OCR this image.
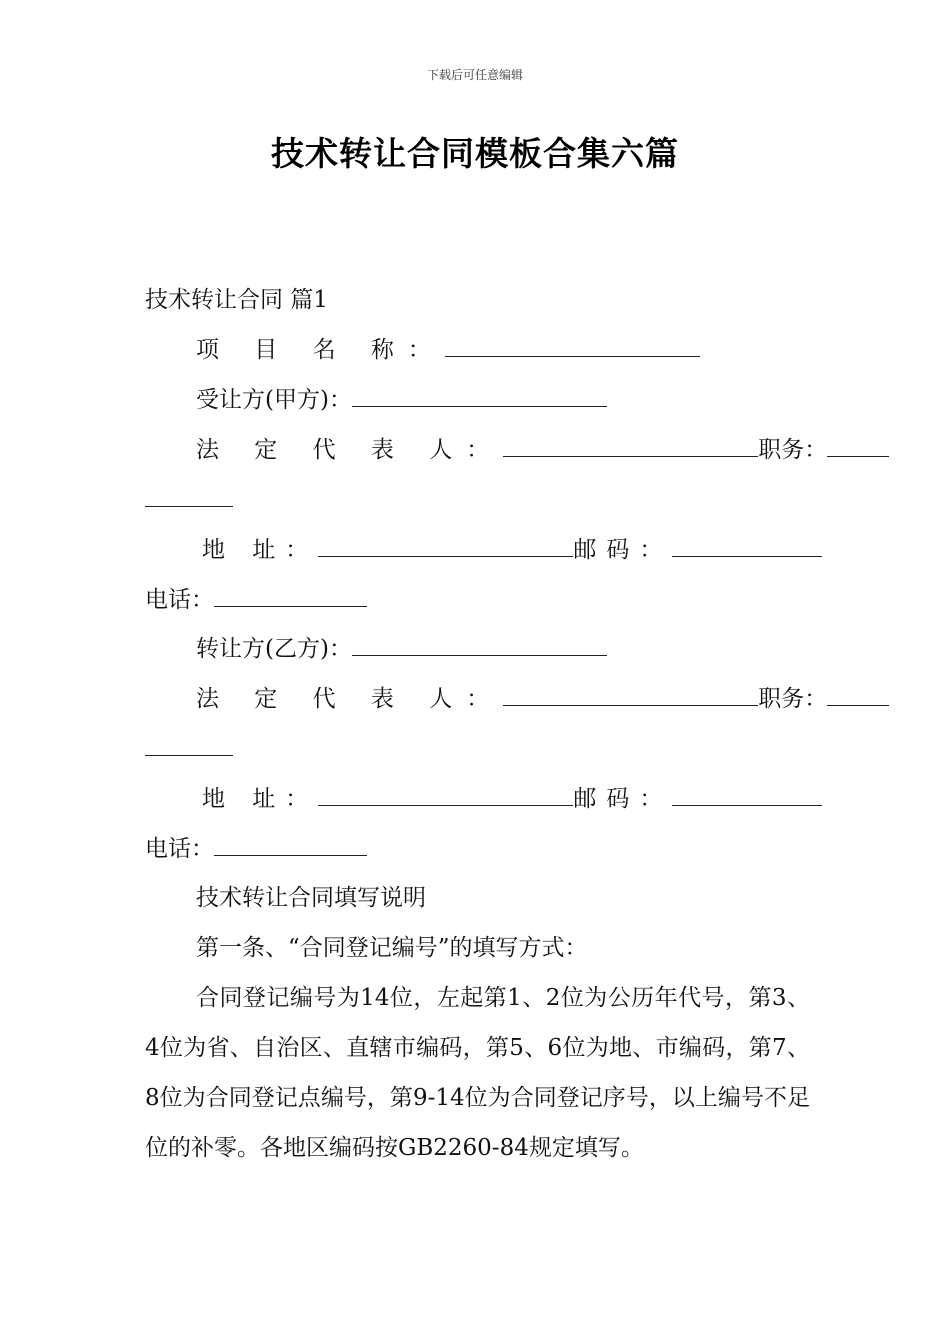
下载后可任意编辑
技术转让合同模板合集六篇
技术转让合同 篇1
项 目 名 称：
受让方(甲方)：
法 定 代 表 人：	职务：
地 址：	邮码：
电话：
转让方(乙方)：
法 定 代 表 人：	职务：
地 址：	邮码：
电话：
技术转让合同填写说明
第一条、“合同登记编号”的填写方式：
合同登记编号为14位，左起第1、2位为公历年代号，第3、4位为省、自治区、直辖市编码，第5、6位为地、市编码，第7、8位为合同登记点编号，第9-14位为合同登记序号，以上编号不足位的补零。各地区编码按GB2260-84规定填写。
